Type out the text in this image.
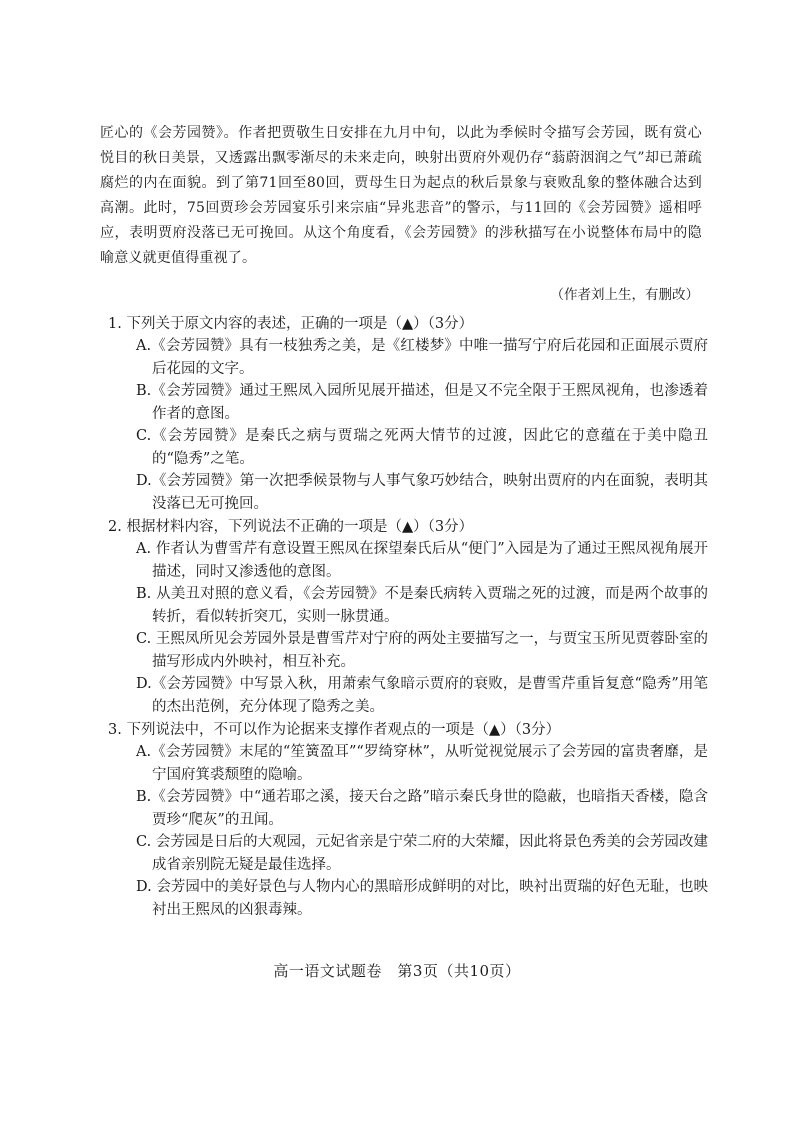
匠心的《会芳园赞》。作者把贾敬生日安排在九月中旬，以此为季候时令描写会芳园，既有赏心悦目的秋日美景，又透露出飘零渐尽的未来走向，映射出贾府外观仍存“蓊蔚洇润之气”却已萧疏腐烂的内在面貌。到了第71回至80回，贾母生日为起点的秋后景象与衰败乱象的整体融合达到高潮。此时，75回贾珍会芳园宴乐引来宗庙“异兆悲音”的警示，与11回的《会芳园赞》遥相呼应，表明贾府没落已无可挽回。从这个角度看，《会芳园赞》的涉秋描写在小说整体布局中的隐喻意义就更值得重视了。

（作者刘上生，有删改）

1. 下列关于原文内容的表述，正确的一项是（▲）（3分）

A.《会芳园赞》具有一枝独秀之美，是《红楼梦》中唯一描写宁府后花园和正面展示贾府后花园的文字。

B.《会芳园赞》通过王熙凤入园所见展开描述，但是又不完全限于王熙凤视角，也渗透着作者的意图。

C.《会芳园赞》是秦氏之病与贾瑞之死两大情节的过渡，因此它的意蕴在于美中隐丑的“隐秀”之笔。

D.《会芳园赞》第一次把季候景物与人事气象巧妙结合，映射出贾府的内在面貌，表明其没落已无可挽回。

2. 根据材料内容，下列说法不正确的一项是（▲）（3分）

A. 作者认为曹雪芹有意设置王熙凤在探望秦氏后从“便门”入园是为了通过王熙凤视角展开描述，同时又渗透他的意图。

B. 从美丑对照的意义看，《会芳园赞》不是秦氏病转入贾瑞之死的过渡，而是两个故事的转折，看似转折突兀，实则一脉贯通。

C. 王熙凤所见会芳园外景是曹雪芹对宁府的两处主要描写之一，与贾宝玉所见贾蓉卧室的描写形成内外映衬，相互补充。

D.《会芳园赞》中写景入秋，用萧索气象暗示贾府的衰败，是曹雪芹重旨复意“隐秀”用笔的杰出范例，充分体现了隐秀之美。

3. 下列说法中，不可以作为论据来支撑作者观点的一项是（▲）（3分）

A.《会芳园赞》末尾的“笙簧盈耳”“罗绮穿林”，从听觉视觉展示了会芳园的富贵奢靡，是宁国府箕裘颓堕的隐喻。

B.《会芳园赞》中“通若耶之溪，接天台之路”暗示秦氏身世的隐蔽，也暗指天香楼，隐含贾珍“爬灰”的丑闻。

C. 会芳园是日后的大观园，元妃省亲是宁荣二府的大荣耀，因此将景色秀美的会芳园改建成省亲别院无疑是最佳选择。

D. 会芳园中的美好景色与人物内心的黑暗形成鲜明的对比，映衬出贾瑞的好色无耻，也映衬出王熙凤的凶狠毒辣。

高一语文试题卷　第3页（共10页）
